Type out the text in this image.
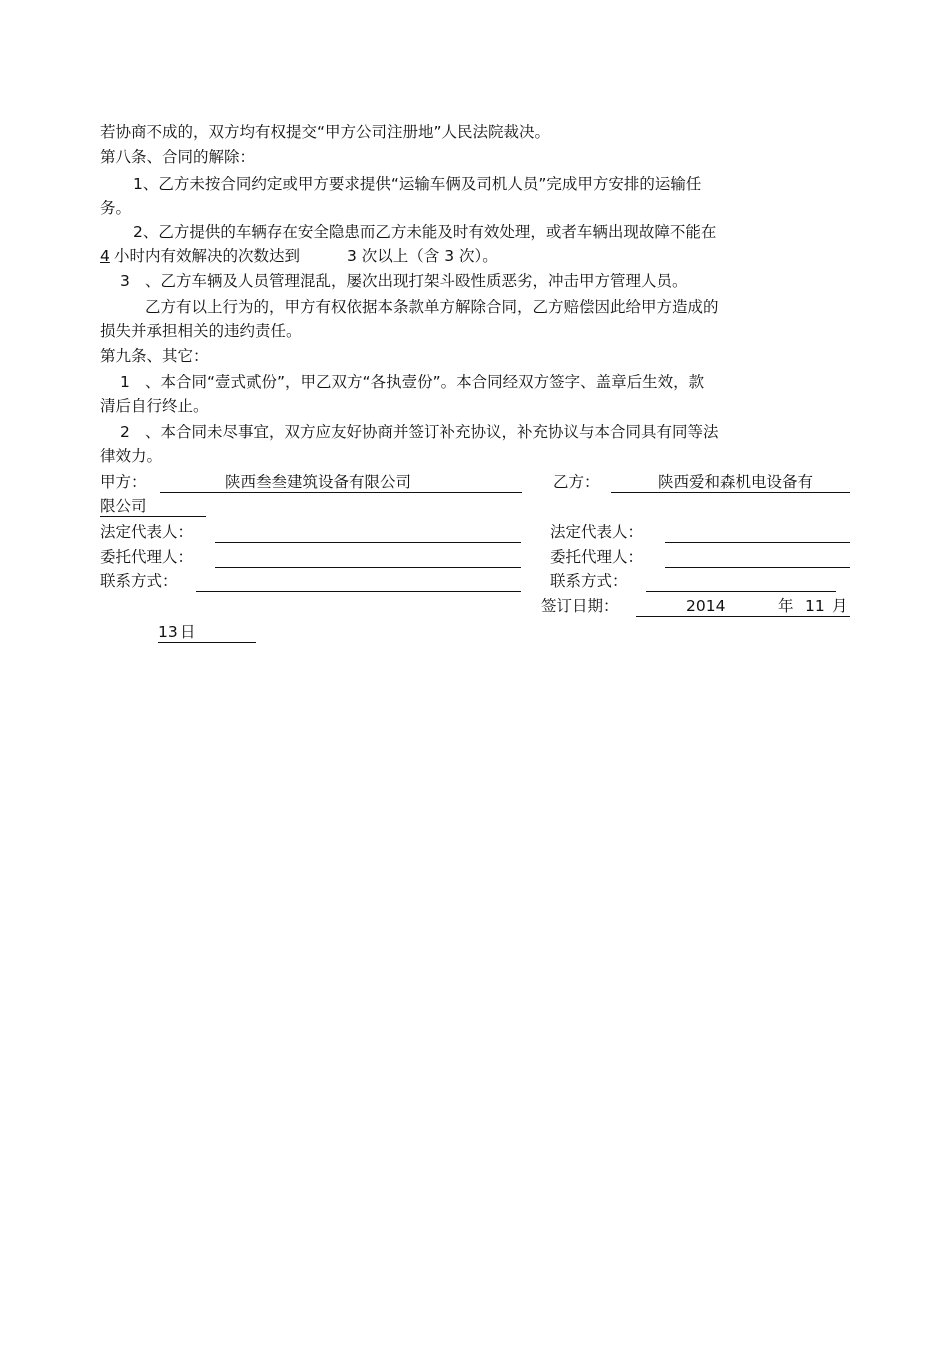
若协商不成的，双方均有权提交“甲方公司注册地”人民法院裁决。
第八条、合同的解除：
1、乙方未按合同约定或甲方要求提供“运输车俩及司机人员”完成甲方安排的运输任
务。
2、乙方提供的车辆存在安全隐患而乙方未能及时有效处理，或者车辆出现故障不能在
4 小时内有效解决的次数达到	3 次以上（含 3 次）。
3 、乙方车辆及人员管理混乱，屡次出现打架斗殴性质恶劣，冲击甲方管理人员。
乙方有以上行为的，甲方有权依据本条款单方解除合同，乙方赔偿因此给甲方造成的
损失并承担相关的违约责任。
第九条、其它：
1 、本合同“壹式贰份”，甲乙双方“各执壹份”。本合同经双方签字、盖章后生效，款
清后自行终止。
2 、本合同未尽事宜，双方应友好协商并签订补充协议，补充协议与本合同具有同等法
律效力。
甲方：	陕西叁叁建筑设备有限公司	乙方：	陕西爱和森机电设备有
限公司
法定代表人：	法定代表人：
委托代理人：	委托代理人：
联系方式：	联系方式：
签订日期：	2014	年 11 月
13 日
